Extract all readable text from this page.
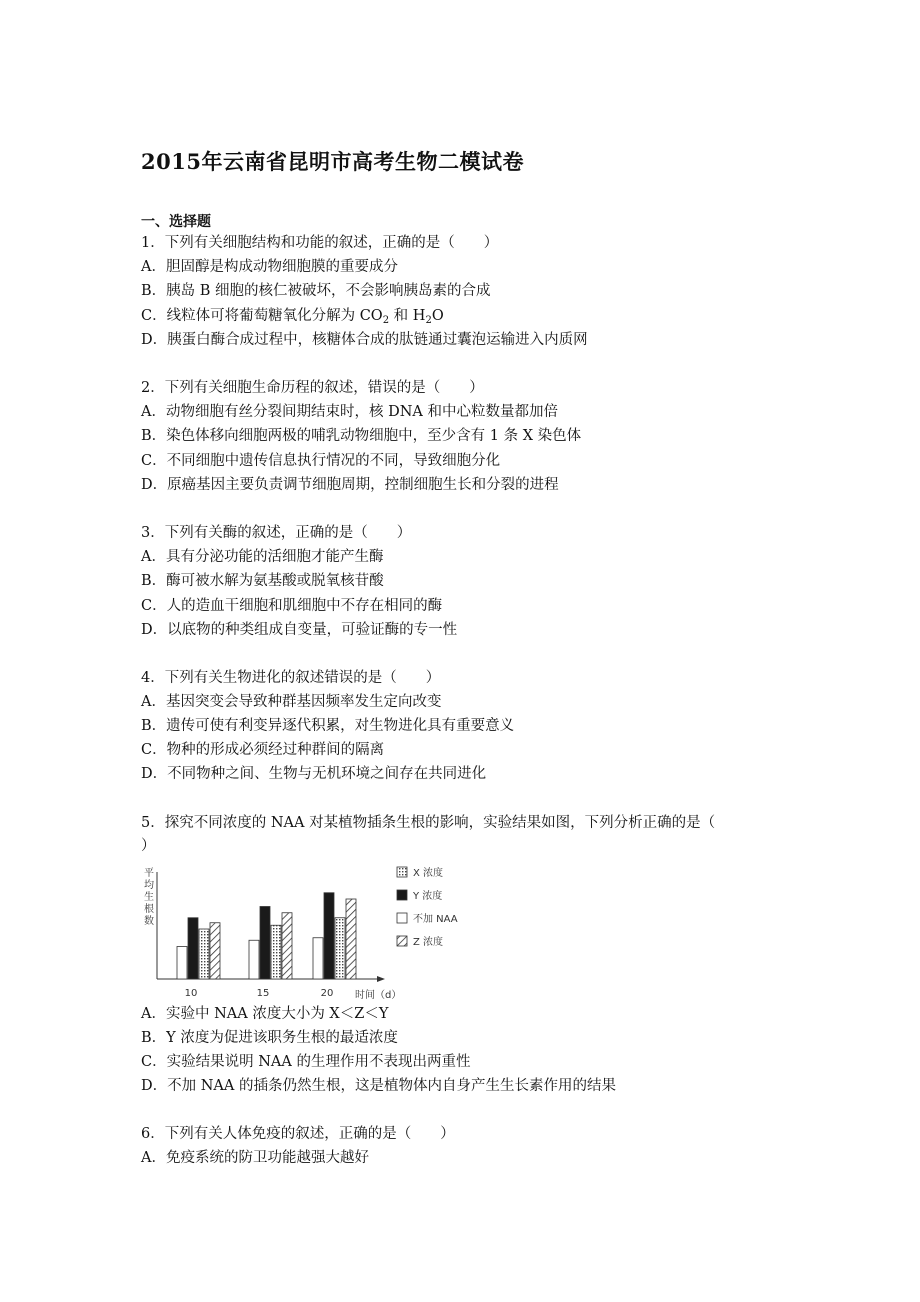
2015年云南省昆明市高考生物二模试卷
一、选择题
1．下列有关细胞结构和功能的叙述，正确的是（　　）
A．胆固醇是构成动物细胞膜的重要成分
B．胰岛 B 细胞的核仁被破坏，不会影响胰岛素的合成
C．线粒体可将葡萄糖氧化分解为 $CO_2$ 和 $H_2O$
D．胰蛋白酶合成过程中，核糖体合成的肽链通过囊泡运输进入内质网
2．下列有关细胞生命历程的叙述，错误的是（　　）
A．动物细胞有丝分裂间期结束时，核 DNA 和中心粒数量都加倍
B．染色体移向细胞两极的哺乳动物细胞中，至少含有 1 条 X 染色体
C．不同细胞中遗传信息执行情况的不同，导致细胞分化
D．原癌基因主要负责调节细胞周期，控制细胞生长和分裂的进程
3．下列有关酶的叙述，正确的是（　　）
A．具有分泌功能的活细胞才能产生酶
B．酶可被水解为氨基酸或脱氧核苷酸
C．人的造血干细胞和肌细胞中不存在相同的酶
D．以底物的种类组成自变量，可验证酶的专一性
4．下列有关生物进化的叙述错误的是（　　）
A．基因突变会导致种群基因频率发生定向改变
B．遗传可使有利变异逐代积累，对生物进化具有重要意义
C．物种的形成必须经过种群间的隔离
D．不同物种之间、生物与无机环境之间存在共同进化
5．探究不同浓度的 NAA 对某植物插条生根的影响，实验结果如图，下列分析正确的是（
）
平均生根数
10	15	20 时间（d）
X 浓度
Y 浓度
不加 NAA
Z 浓度
A．实验中 NAA 浓度大小为 X＜Z＜Y
B．Y 浓度为促进该职务生根的最适浓度
C．实验结果说明 NAA 的生理作用不表现出两重性
D．不加 NAA 的插条仍然生根，这是植物体内自身产生生长素作用的结果
6．下列有关人体免疫的叙述，正确的是（　　）
A．免疫系统的防卫功能越强大越好
